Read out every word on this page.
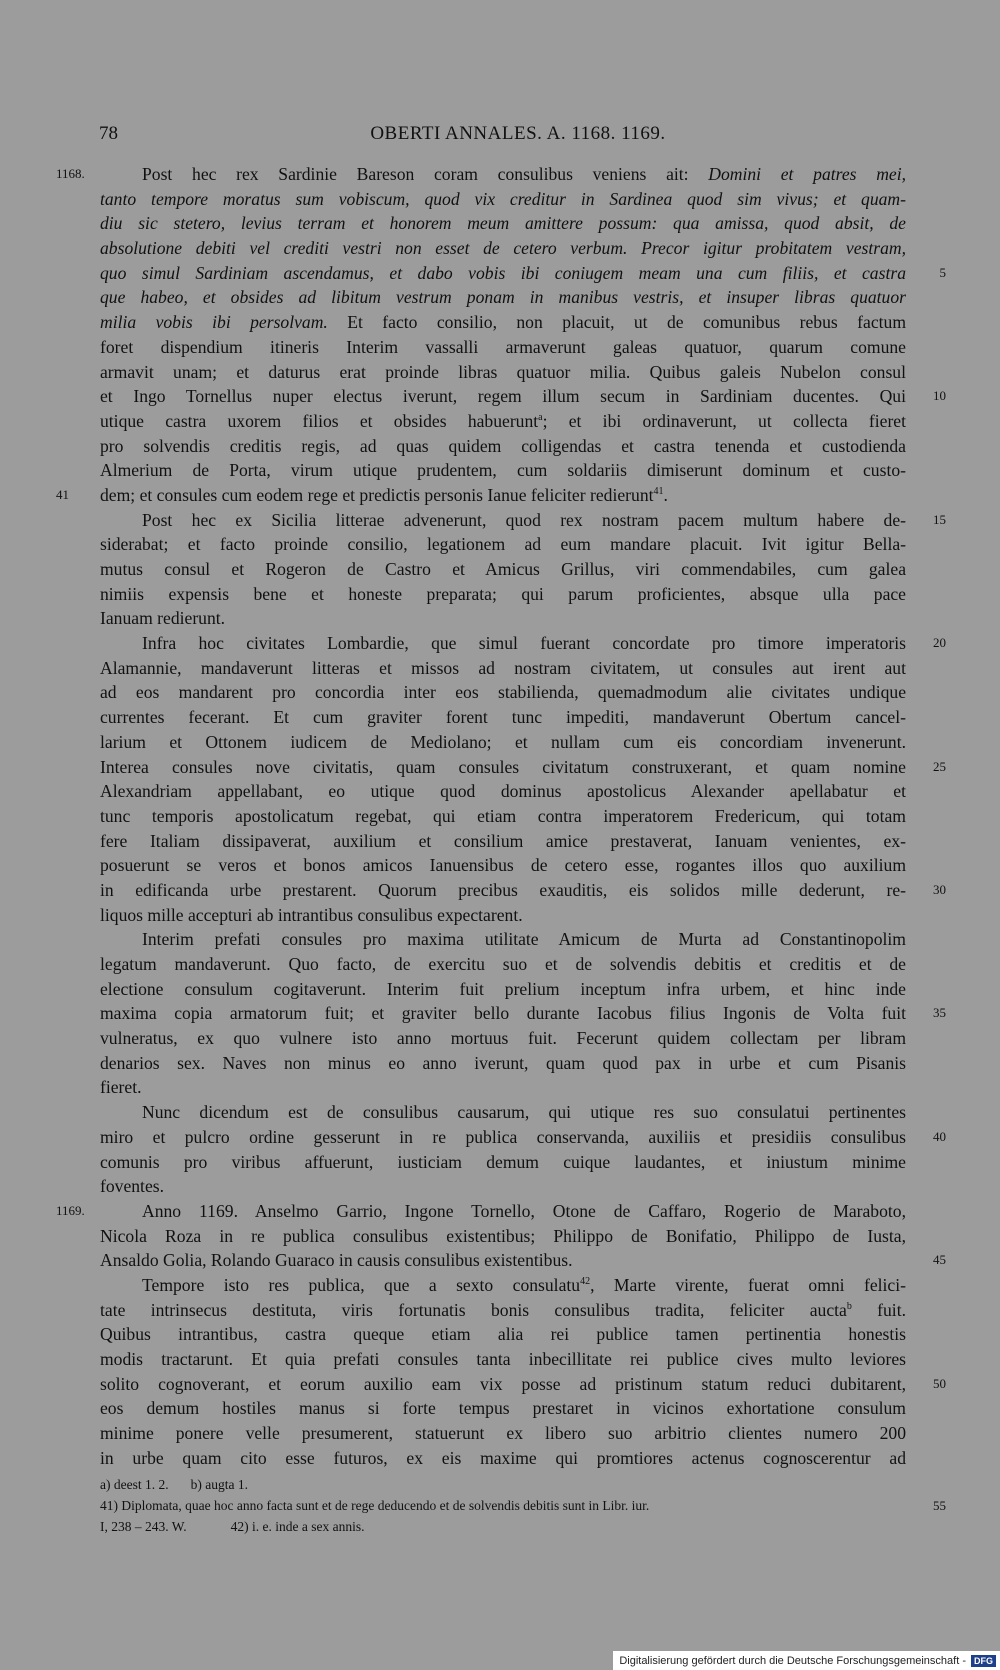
78	OBERTI ANNALES. A. 1168. 1169.
1168.	Post hec rex Sardinie Bareson coram consulibus veniens ait: Domini et patres mei,
tanto tempore moratus sum vobiscum, quod vix creditur in Sardinea quod sim vivus; et quam-
diu sic stetero, levius terram et honorem meum amittere possum: qua amissa, quod absit, de
absolutione debiti vel crediti vestri non esset de cetero verbum. Precor igitur probitatem vestram,
quo simul Sardiniam ascendamus, et dabo vobis ibi coniugem meam una cum filiis, et castra	5
que habeo, et obsides ad libitum vestrum ponam in manibus vestris, et insuper libras quatuor
milia vobis ibi persolvam. Et facto consilio, non placuit, ut de comunibus rebus factum
foret dispendium itineris Interim vassalli armaverunt galeas quatuor, quarum comune
armavit unam; et daturus erat proinde libras quatuor milia. Quibus galeis Nubelon consul
et Ingo Tornellus nuper electus iverunt, regem illum secum in Sardiniam ducentes. Qui 10
utique castra uxorem filios et obsides habuerunt$^a$; et ibi ordinaverunt, ut collecta fieret
pro solvendis creditis regis, ad quas quidem colligendas et castra tenenda et custodienda
Almerium de Porta, virum utique prudentem, cum soldariis dimiserunt dominum et custo-
41 dem; et consules cum eodem rege et predictis personis Ianue feliciter redierunt$^{41}$.
Post hec ex Sicilia litterae advenerunt, quod rex nostram pacem multum habere de- 15
siderabat; et facto proinde consilio, legationem ad eum mandare placuit. Ivit igitur Bella-
mutus consul et Rogeron de Castro et Amicus Grillus, viri commendabiles, cum galea
nimiis expensis bene et honeste preparata; qui parum proficientes, absque ulla pace
Ianuam redierunt.
Infra hoc civitates Lombardie, que simul fuerant concordate pro timore imperatoris 20
Alamannie, mandaverunt litteras et missos ad nostram civitatem, ut consules aut irent aut
ad eos mandarent pro concordia inter eos stabilienda, quemadmodum alie civitates undique
currentes fecerant. Et cum graviter forent tunc impediti, mandaverunt Obertum cancel-
larium et Ottonem iudicem de Mediolano; et nullam cum eis concordiam invenerunt.
Interea consules nove civitatis, quam consules civitatum construxerant, et quam nomine 25
Alexandriam appellabant, eo utique quod dominus apostolicus Alexander apellabatur et
tunc temporis apostolicatum regebat, qui etiam contra imperatorem Fredericum, qui totam
fere Italiam dissipaverat, auxilium et consilium amice prestaverat, Ianuam venientes, ex-
posuerunt se veros et bonos amicos Ianuensibus de cetero esse, rogantes illos quo auxilium
in edificanda urbe prestarent. Quorum precibus exauditis, eis solidos mille dederunt, re- 30
liquos mille accepturi ab intrantibus consulibus expectarent.
Interim prefati consules pro maxima utilitate Amicum de Murta ad Constantinopolim
legatum mandaverunt. Quo facto, de exercitu suo et de solvendis debitis et creditis et de
electione consulum cogitaverunt. Interim fuit prelium inceptum infra urbem, et hinc inde
maxima copia armatorum fuit; et graviter bello durante Iacobus filius Ingonis de Volta fuit 35
vulneratus, ex quo vulnere isto anno mortuus fuit. Fecerunt quidem collectam per libram
denarios sex. Naves non minus eo anno iverunt, quam quod pax in urbe et cum Pisanis
fieret.
Nunc dicendum est de consulibus causarum, qui utique res suo consulatui pertinentes
miro et pulcro ordine gesserunt in re publica conservanda, auxiliis et presidiis consulibus 40
comunis pro viribus affuerunt, iusticiam demum cuique laudantes, et iniustum minime
foventes.
1169.	Anno 1169. Anselmo Garrio, Ingone Tornello, Otone de Caffaro, Rogerio de Maraboto,
Nicola Roza in re publica consulibus existentibus; Philippo de Bonifatio, Philippo de Iusta,
Ansaldo Golia, Rolando Guaraco in causis consulibus existentibus.	45
Tempore isto res publica, que a sexto consulatu$^{42}$, Marte virente, fuerat omni felici-
tate intrinsecus destituta, viris fortunatis bonis consulibus tradita, feliciter aucta$^b$ fuit.
Quibus intrantibus, castra queque etiam alia rei publice tamen pertinentia honestis
modis tractarunt. Et quia prefati consules tanta inbecillitate rei publice cives multo leviores
solito cognoverant, et eorum auxilio eam vix posse ad pristinum statum reduci dubitarent, 50
eos demum hostiles manus si forte tempus prestaret in vicinos exhortatione consulum
minime ponere velle presumerent, statuerunt ex libero suo arbitrio clientes numero 200
in urbe quam cito esse futuros, ex eis maxime qui promtiores actenus cognoscerentur ad
a) deest 1. 2. b) augta 1.
41) Diplomata, quae hoc anno facta sunt et de rege deducendo et de solvendis debitis sunt in Libr. iur.	55
I, 238 – 243. W.	42) i. e. inde a sex annis.
Digitalisierung gefördert durch die Deutsche Forschungsgemeinschaft - DFG
